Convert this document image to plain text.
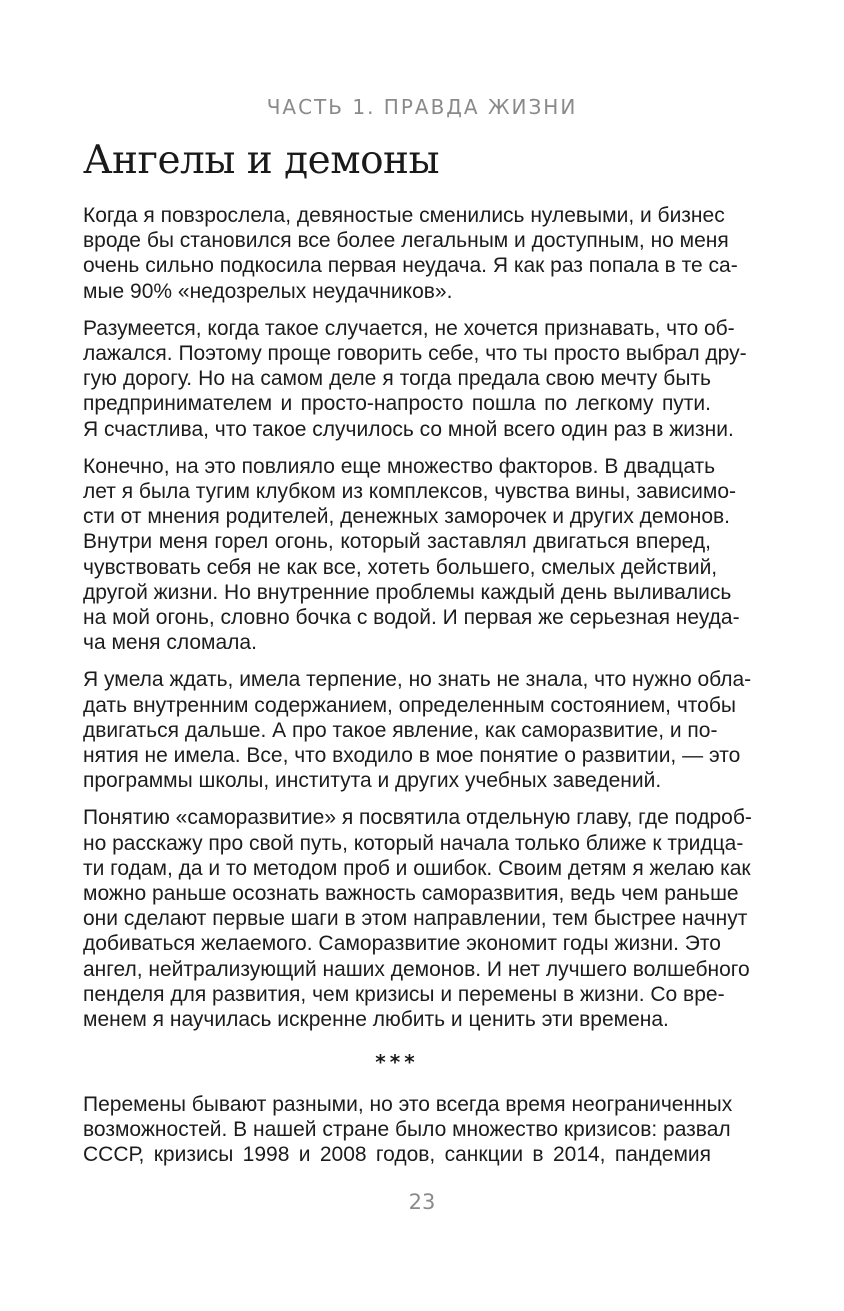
ЧАСТЬ 1. ПРАВДА ЖИЗНИ
Ангелы и демоны

Когда я повзрослела, девяностые сменились нулевыми, и бизнес
вроде бы становился все более легальным и доступным, но меня
очень сильно подкосила первая неудача. Я как раз попала в те са-
мые 90% «недозрелых неудачников».

Разумеется, когда такое случается, не хочется признавать, что об-
лажался. Поэтому проще говорить себе, что ты просто выбрал дру-
гую дорогу. Но на самом деле я тогда предала свою мечту быть
предпринимателем и просто-напросто пошла по легкому пути.
Я счастлива, что такое случилось со мной всего один раз в жизни.

Конечно, на это повлияло еще множество факторов. В двадцать
лет я была тугим клубком из комплексов, чувства вины, зависимо-
сти от мнения родителей, денежных заморочек и других демонов.
Внутри меня горел огонь, который заставлял двигаться вперед,
чувствовать себя не как все, хотеть большего, смелых действий,
другой жизни. Но внутренние проблемы каждый день выливались
на мой огонь, словно бочка с водой. И первая же серьезная неуда-
ча меня сломала.

Я умела ждать, имела терпение, но знать не знала, что нужно обла-
дать внутренним содержанием, определенным состоянием, чтобы
двигаться дальше. А про такое явление, как саморазвитие, и по-
нятия не имела. Все, что входило в мое понятие о развитии, — это
программы школы, института и других учебных заведений.

Понятию «саморазвитие» я посвятила отдельную главу, где подроб-
но расскажу про свой путь, который начала только ближе к тридца-
ти годам, да и то методом проб и ошибок. Своим детям я желаю как
можно раньше осознать важность саморазвития, ведь чем раньше
они сделают первые шаги в этом направлении, тем быстрее начнут
добиваться желаемого. Саморазвитие экономит годы жизни. Это
ангел, нейтрализующий наших демонов. И нет лучшего волшебного
пенделя для развития, чем кризисы и перемены в жизни. Со вре-
менем я научилась искренне любить и ценить эти времена.

***

Перемены бывают разными, но это всегда время неограниченных
возможностей. В нашей стране было множество кризисов: развал
СССР, кризисы 1998 и 2008 годов, санкции в 2014, пандемия

23
